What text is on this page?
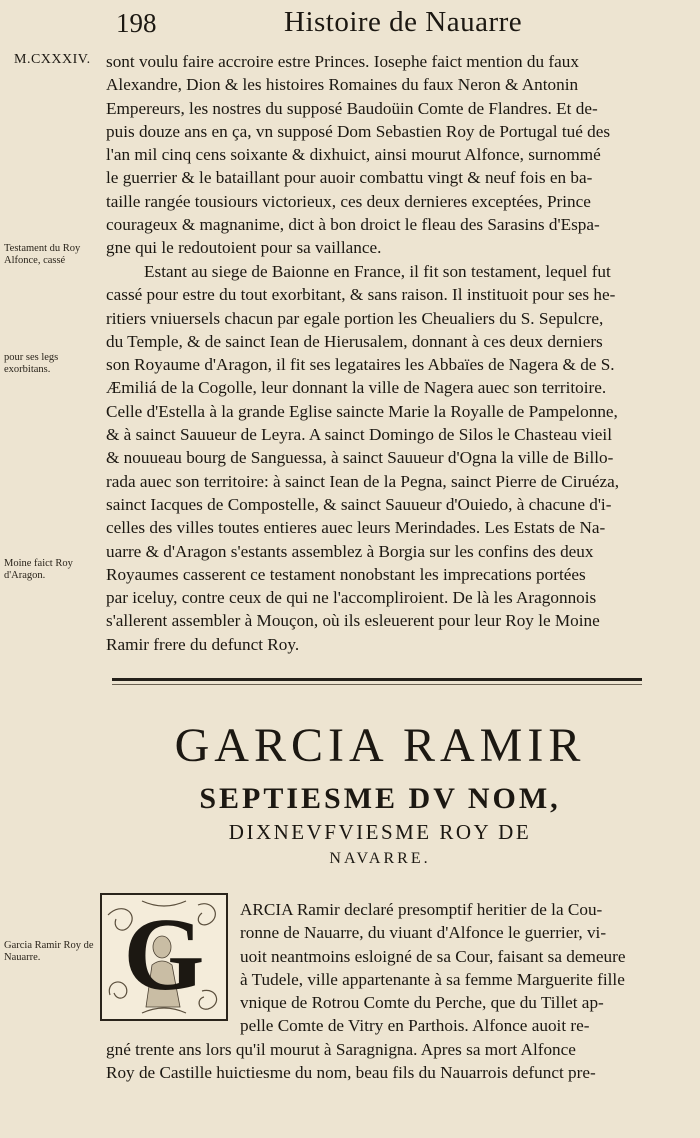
198	Histoire de Nauarre
M.CXXXIV.
Testament du Roy Alfonce, cassé
pour ses legs exorbitans.
Moine faict Roy d'Aragon.
Garcia Ramir Roy de Nauarre.
sont voulu faire accroire estre Princes. Iosephe faict mention du faux
Alexandre, Dion & les histoires Romaines du faux Neron & Antonin
Empereurs, les nostres du supposé Baudoüin Comte de Flandres. Et de-
puis douze ans en ça, vn supposé Dom Sebastien Roy de Portugal tué des
l'an mil cinq cens soixante & dixhuict, ainsi mourut Alfonce, surnommé
le guerrier & le bataillant pour auoir combattu vingt & neuf fois en ba-
taille rangée tousiours victorieux, ces deux dernieres exceptées, Prince
courageux & magnanime, dict à bon droict le fleau des Sarasins d'Espa-
gne qui le redoutoient pour sa vaillance.
Estant au siege de Baionne en France, il fit son testament, lequel fut
cassé pour estre du tout exorbitant, & sans raison. Il instituoit pour ses he-
ritiers vniuersels chacun par egale portion les Cheualiers du S. Sepulcre,
du Temple, & de sainct Iean de Hierusalem, donnant à ces deux derniers
son Royaume d'Aragon, il fit ses legataires les Abbaïes de Nagera & de S.
Æmiliá de la Cogolle, leur donnant la ville de Nagera auec son territoire.
Celle d'Estella à la grande Eglise saincte Marie la Royalle de Pampelonne,
& à sainct Sauueur de Leyra. A sainct Domingo de Silos le Chasteau vieil
& nouueau bourg de Sanguessa, à sainct Sauueur d'Ogna la ville de Billo-
rada auec son territoire: à sainct Iean de la Pegna, sainct Pierre de Ciruéza,
sainct Iacques de Compostelle, & sainct Sauueur d'Ouiedo, à chacune d'i-
celles des villes toutes entieres auec leurs Merindades. Les Estats de Na-
uarre & d'Aragon s'estants assemblez à Borgia sur les confins des deux
Royaumes casserent ce testament nonobstant les imprecations portées
par iceluy, contre ceux de qui ne l'accompliroient. De là les Aragonnois
s'allerent assembler à Mouçon, où ils esleuerent pour leur Roy le Moine
Ramir frere du defunct Roy.
GARCIA RAMIR
SEPTIESME DV NOM,
DIXNEVFVIESME ROY DE
NAVARRE.
G	ARCIA Ramir declaré presomptif heritier de la Cou-
ronne de Nauarre, du viuant d'Alfonce le guerrier, vi-
uoit neantmoins esloigné de sa Cour, faisant sa demeure
à Tudele, ville appartenante à sa femme Marguerite fille
vnique de Rotrou Comte du Perche, que du Tillet ap-
pelle Comte de Vitry en Parthois. Alfonce auoit re-
gné trente ans lors qu'il mourut à Saragnigna. Apres sa mort Alfonce
Roy de Castille huictiesme du nom, beau fils du Nauarrois defunct pre-
